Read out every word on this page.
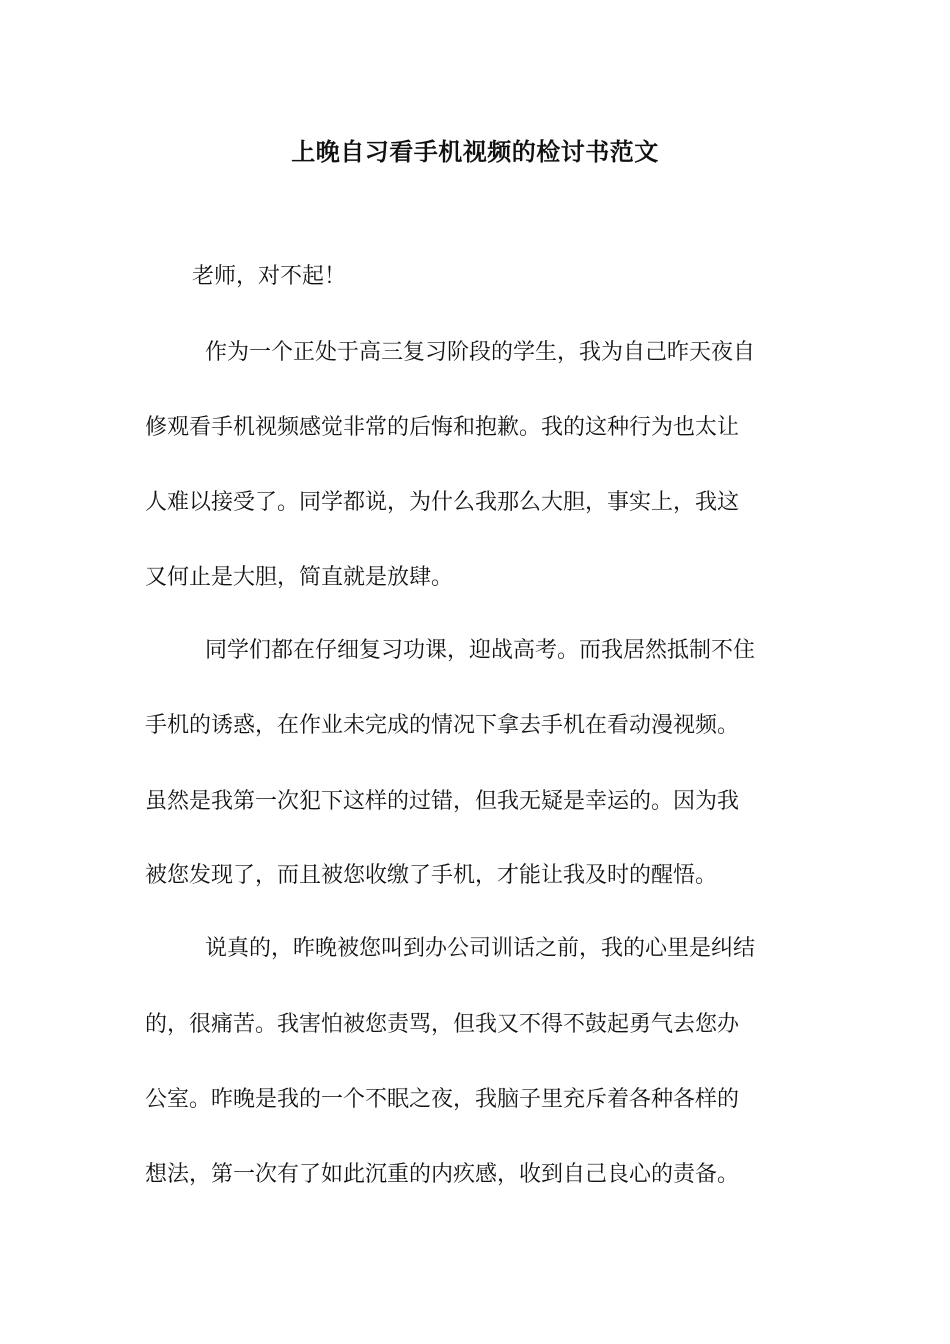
上晚自习看手机视频的检讨书范文
老师，对不起！
作为一个正处于高三复习阶段的学生，我为自己昨天夜自
修观看手机视频感觉非常的后悔和抱歉。我的这种行为也太让
人难以接受了。同学都说，为什么我那么大胆，事实上，我这
又何止是大胆，简直就是放肆。
同学们都在仔细复习功课，迎战高考。而我居然抵制不住
手机的诱惑，在作业未完成的情况下拿去手机在看动漫视频。
虽然是我第一次犯下这样的过错，但我无疑是幸运的。因为我
被您发现了，而且被您收缴了手机，才能让我及时的醒悟。
说真的，昨晚被您叫到办公司训话之前，我的心里是纠结
的，很痛苦。我害怕被您责骂，但我又不得不鼓起勇气去您办
公室。昨晚是我的一个不眠之夜，我脑子里充斥着各种各样的
想法，第一次有了如此沉重的内疚感，收到自己良心的责备。
